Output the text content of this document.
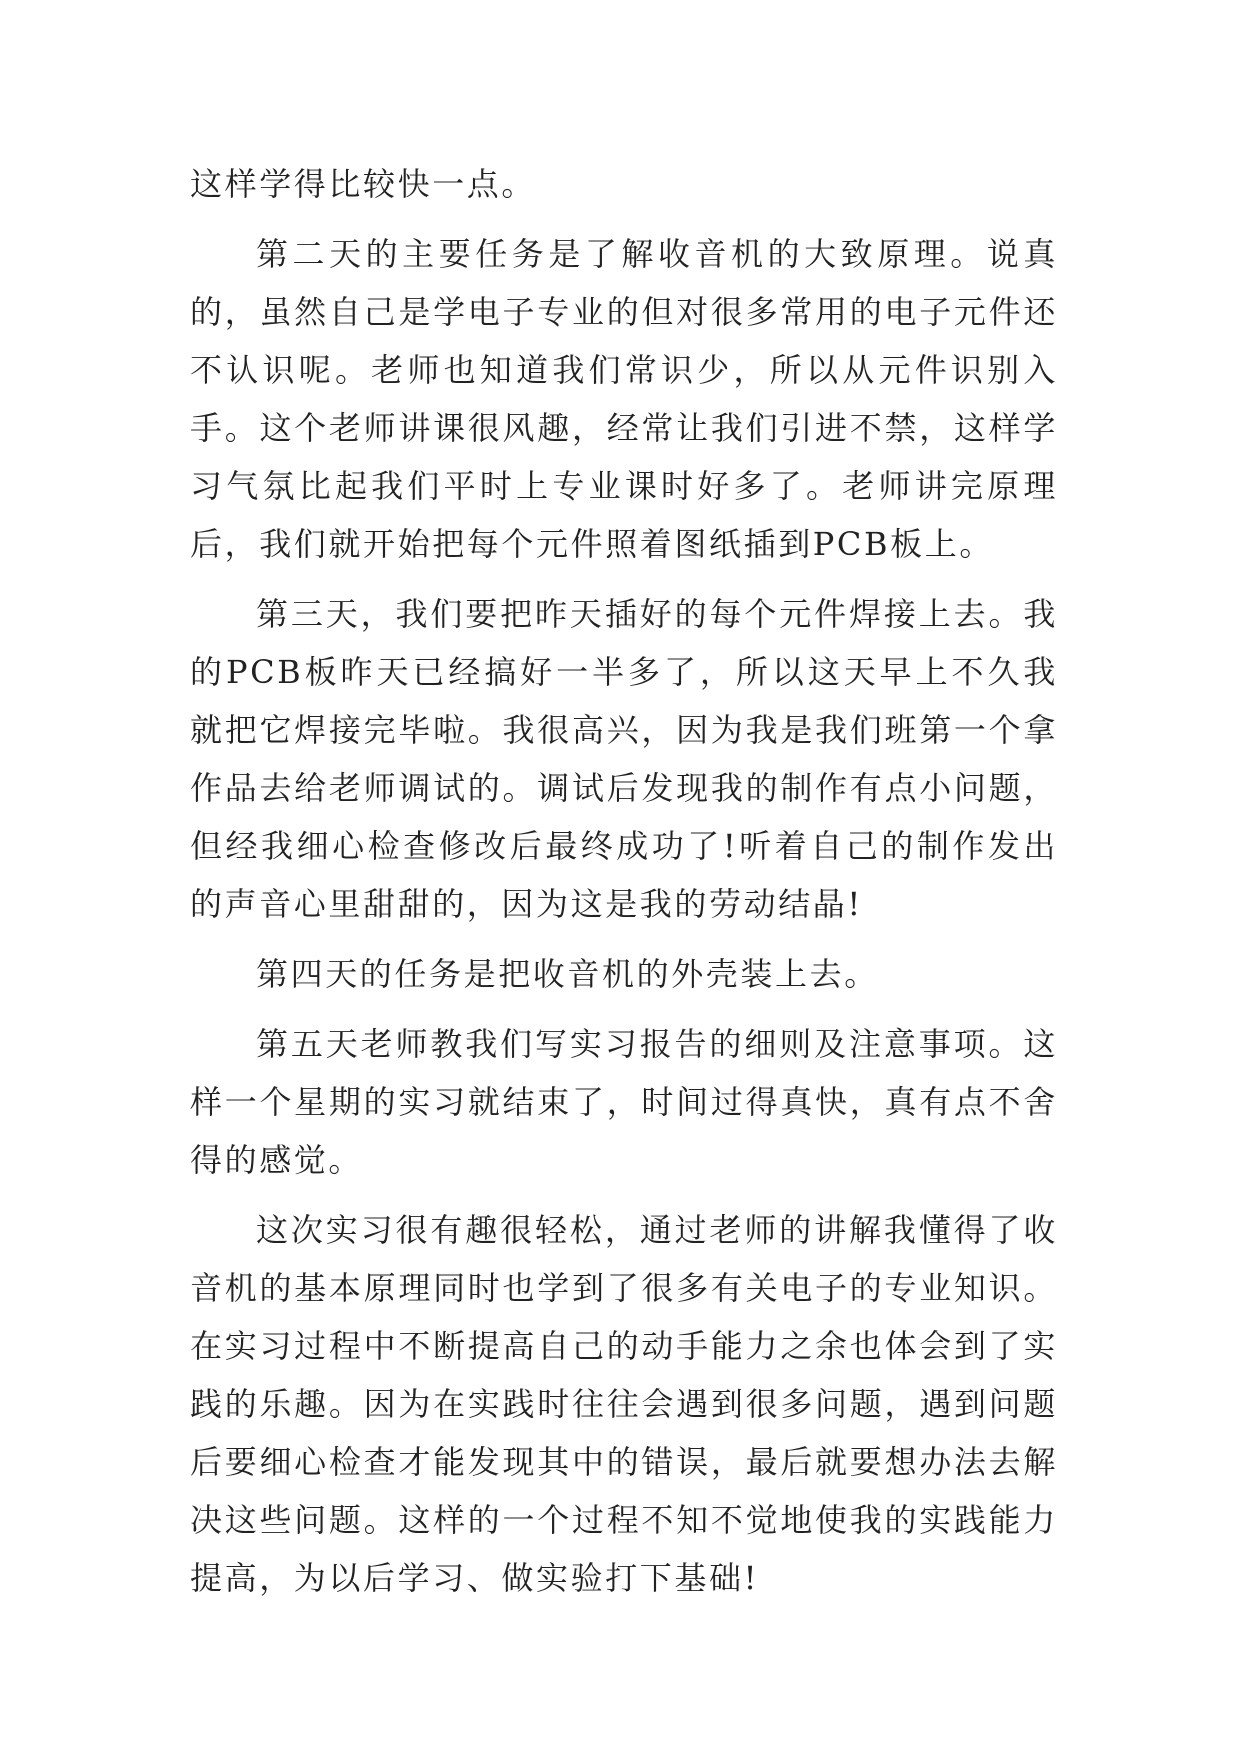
这样学得比较快一点。

第二天的主要任务是了解收音机的大致原理。说真的，虽然自己是学电子专业的但对很多常用的电子元件还不认识呢。老师也知道我们常识少，所以从元件识别入手。这个老师讲课很风趣，经常让我们引进不禁，这样学习气氛比起我们平时上专业课时好多了。老师讲完原理后，我们就开始把每个元件照着图纸插到PCB板上。

第三天，我们要把昨天插好的每个元件焊接上去。我的PCB板昨天已经搞好一半多了，所以这天早上不久我就把它焊接完毕啦。我很高兴，因为我是我们班第一个拿作品去给老师调试的。调试后发现我的制作有点小问题，但经我细心检查修改后最终成功了!听着自己的制作发出的声音心里甜甜的，因为这是我的劳动结晶!

第四天的任务是把收音机的外壳装上去。

第五天老师教我们写实习报告的细则及注意事项。这样一个星期的实习就结束了，时间过得真快，真有点不舍得的感觉。

这次实习很有趣很轻松，通过老师的讲解我懂得了收音机的基本原理同时也学到了很多有关电子的专业知识。在实习过程中不断提高自己的动手能力之余也体会到了实践的乐趣。因为在实践时往往会遇到很多问题，遇到问题后要细心检查才能发现其中的错误，最后就要想办法去解决这些问题。这样的一个过程不知不觉地使我的实践能力提高，为以后学习、做实验打下基础!
